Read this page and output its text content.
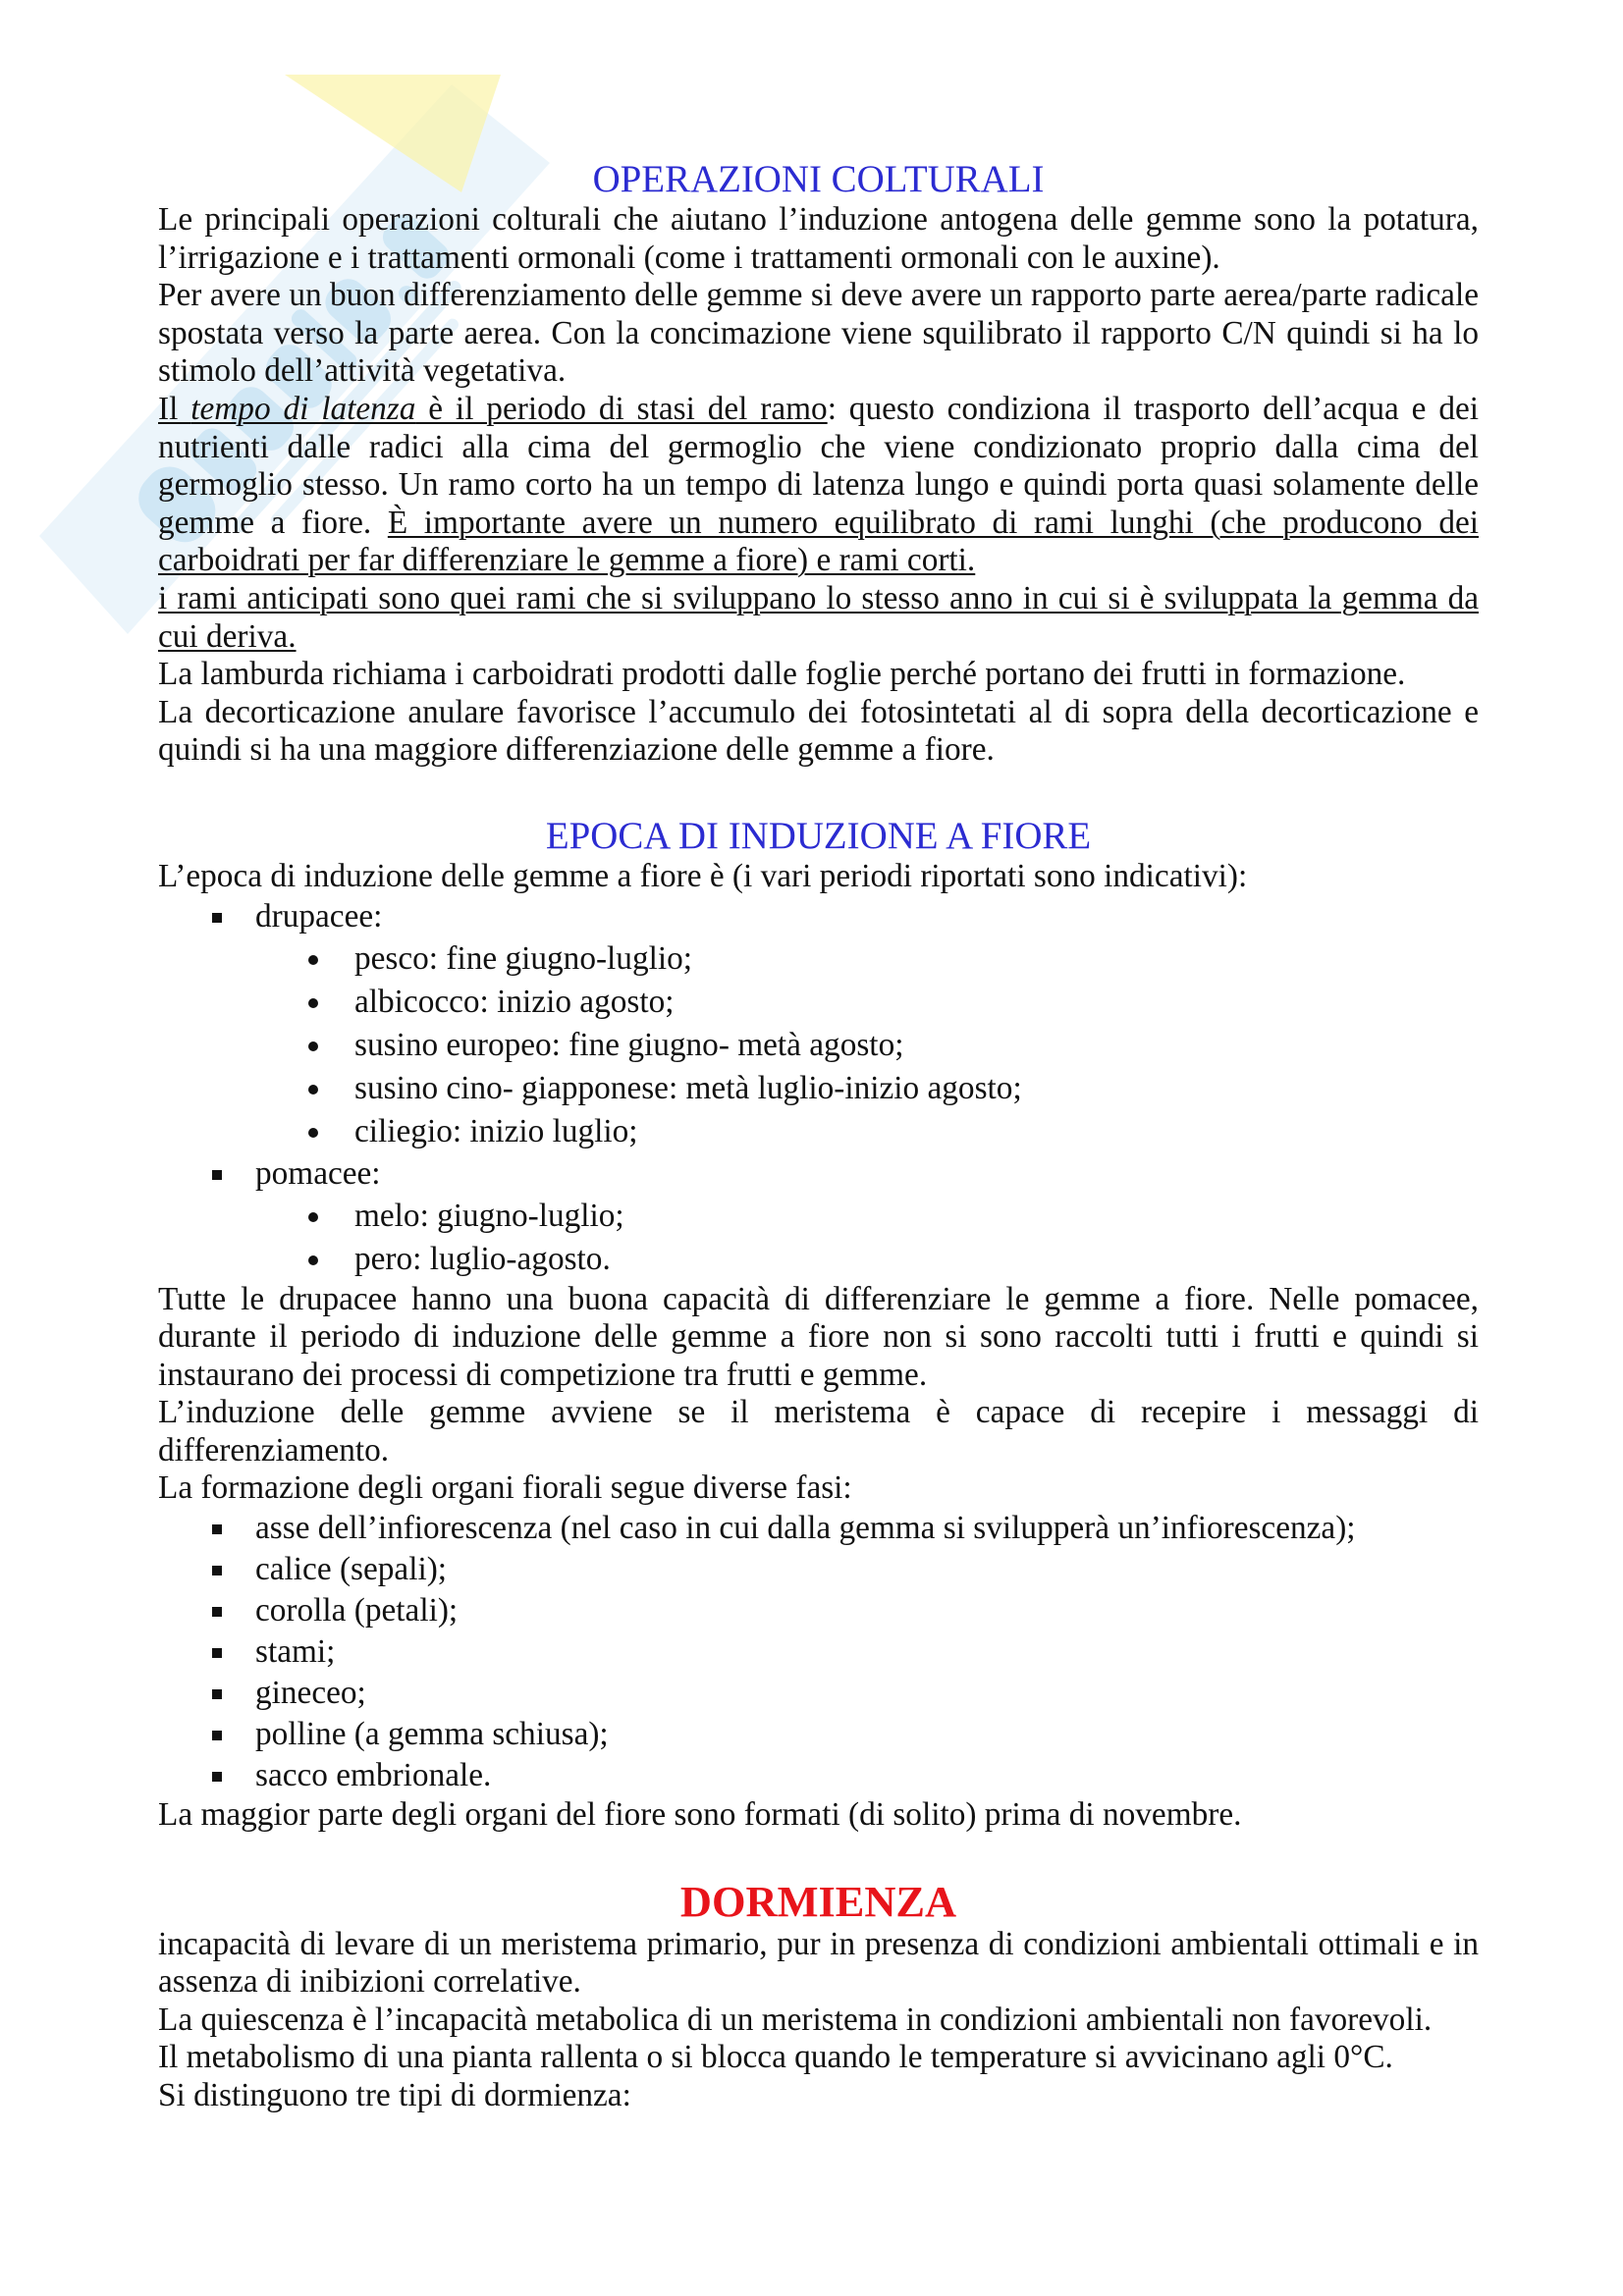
OPERAZIONI COLTURALI

Le principali operazioni colturali che aiutano l’induzione antogena delle gemme sono la potatura, l’irrigazione e i trattamenti ormonali (come i trattamenti ormonali con le auxine).

Per avere un buon differenziamento delle gemme si deve avere un rapporto parte aerea/parte radicale spostata verso la parte aerea. Con la concimazione viene squilibrato il rapporto C/N quindi si ha lo stimolo dell’attività vegetativa.

Il tempo di latenza è il periodo di stasi del ramo: questo condiziona il trasporto dell’acqua e dei nutrienti dalle radici alla cima del germoglio che viene condizionato proprio dalla cima del germoglio stesso. Un ramo corto ha un tempo di latenza lungo e quindi porta quasi solamente delle gemme a fiore. È importante avere un numero equilibrato di rami lunghi (che producono dei carboidrati per far differenziare le gemme a fiore) e rami corti.

i rami anticipati sono quei rami che si sviluppano lo stesso anno in cui si è sviluppata la gemma da cui deriva.

La lamburda richiama i carboidrati prodotti dalle foglie perché portano dei frutti in formazione.

La decorticazione anulare favorisce l’accumulo dei fotosintetati al di sopra della decorticazione e quindi si ha una maggiore differenziazione delle gemme a fiore.

EPOCA DI INDUZIONE A FIORE

L’epoca di induzione delle gemme a fiore è (i vari periodi riportati sono indicativi):

drupacee:
pesco: fine giugno-luglio;
albicocco: inizio agosto;
susino europeo: fine giugno- metà agosto;
susino cino- giapponese: metà luglio-inizio agosto;
ciliegio: inizio luglio;
pomacee:
melo: giugno-luglio;
pero: luglio-agosto.

Tutte le drupacee hanno una buona capacità di differenziare le gemme a fiore. Nelle pomacee, durante il periodo di induzione delle gemme a fiore non si sono raccolti tutti i frutti e quindi si instaurano dei processi di competizione tra frutti e gemme.

L’induzione delle gemme avviene se il meristema è capace di recepire i messaggi di differenziamento.

La formazione degli organi fiorali segue diverse fasi:

asse dell’infiorescenza (nel caso in cui dalla gemma si svilupperà un’infiorescenza);
calice (sepali);
corolla (petali);
stami;
gineceo;
polline (a gemma schiusa);
sacco embrionale.

La maggior parte degli organi del fiore sono formati (di solito) prima di novembre.

DORMIENZA

incapacità di levare di un meristema primario, pur in presenza di condizioni ambientali ottimali e in assenza di inibizioni correlative.

La quiescenza è l’incapacità metabolica di un meristema in condizioni ambientali non favorevoli.

Il metabolismo di una pianta rallenta o si blocca quando le temperature si avvicinano agli 0°C.

Si distinguono tre tipi di dormienza:
